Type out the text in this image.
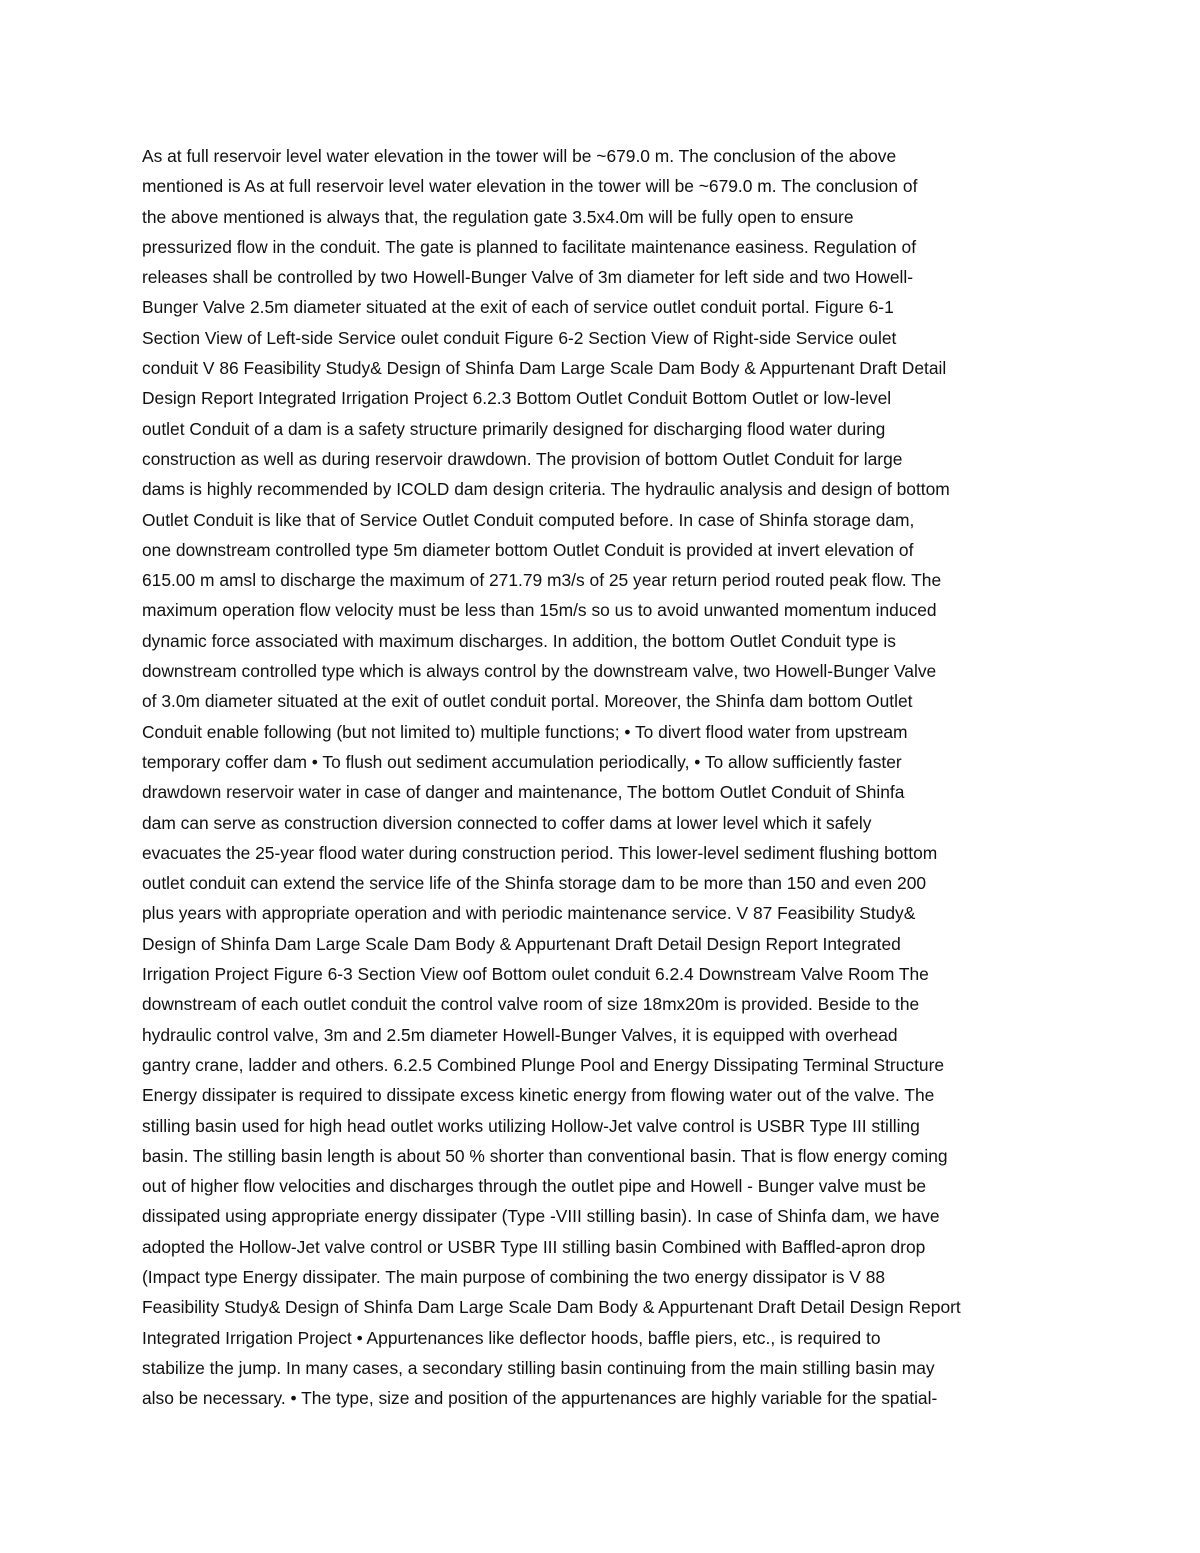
As at full reservoir level water elevation in the tower will be ~679.0 m. The conclusion of the above
mentioned is As at full reservoir level water elevation in the tower will be ~679.0 m. The conclusion of
the above mentioned is always that, the regulation gate 3.5x4.0m will be fully open to ensure
pressurized flow in the conduit. The gate is planned to facilitate maintenance easiness. Regulation of
releases shall be controlled by two Howell-Bunger Valve of 3m diameter for left side and two Howell-
Bunger Valve 2.5m diameter situated at the exit of each of service outlet conduit portal. Figure 6-1
Section View of Left-side Service oulet conduit Figure 6-2 Section View of Right-side Service oulet
conduit V 86 Feasibility Study& Design of Shinfa Dam Large Scale Dam Body & Appurtenant Draft Detail
Design Report Integrated Irrigation Project 6.2.3 Bottom Outlet Conduit Bottom Outlet or low-level
outlet Conduit of a dam is a safety structure primarily designed for discharging flood water during
construction as well as during reservoir drawdown. The provision of bottom Outlet Conduit for large
dams is highly recommended by ICOLD dam design criteria. The hydraulic analysis and design of bottom
Outlet Conduit is like that of Service Outlet Conduit computed before. In case of Shinfa storage dam,
one downstream controlled type 5m diameter bottom Outlet Conduit is provided at invert elevation of
615.00 m amsl to discharge the maximum of 271.79 m3/s of 25 year return period routed peak flow. The
maximum operation flow velocity must be less than 15m/s so us to avoid unwanted momentum induced
dynamic force associated with maximum discharges. In addition, the bottom Outlet Conduit type is
downstream controlled type which is always control by the downstream valve, two Howell-Bunger Valve
of 3.0m diameter situated at the exit of outlet conduit portal. Moreover, the Shinfa dam bottom Outlet
Conduit enable following (but not limited to) multiple functions; • To divert flood water from upstream
temporary coffer dam • To flush out sediment accumulation periodically, • To allow sufficiently faster
drawdown reservoir water in case of danger and maintenance, The bottom Outlet Conduit of Shinfa
dam can serve as construction diversion connected to coffer dams at lower level which it safely
evacuates the 25-year flood water during construction period. This lower-level sediment flushing bottom
outlet conduit can extend the service life of the Shinfa storage dam to be more than 150 and even 200
plus years with appropriate operation and with periodic maintenance service. V 87 Feasibility Study&
Design of Shinfa Dam Large Scale Dam Body & Appurtenant Draft Detail Design Report Integrated
Irrigation Project Figure 6-3 Section View oof Bottom oulet conduit 6.2.4 Downstream Valve Room The
downstream of each outlet conduit the control valve room of size 18mx20m is provided. Beside to the
hydraulic control valve, 3m and 2.5m diameter Howell-Bunger Valves, it is equipped with overhead
gantry crane, ladder and others. 6.2.5 Combined Plunge Pool and Energy Dissipating Terminal Structure
Energy dissipater is required to dissipate excess kinetic energy from flowing water out of the valve. The
stilling basin used for high head outlet works utilizing Hollow-Jet valve control is USBR Type III stilling
basin. The stilling basin length is about 50 % shorter than conventional basin. That is flow energy coming
out of higher flow velocities and discharges through the outlet pipe and Howell - Bunger valve must be
dissipated using appropriate energy dissipater (Type -VIII stilling basin). In case of Shinfa dam, we have
adopted the Hollow-Jet valve control or USBR Type III stilling basin Combined with Baffled-apron drop
(Impact type Energy dissipater. The main purpose of combining the two energy dissipator is V 88
Feasibility Study& Design of Shinfa Dam Large Scale Dam Body & Appurtenant Draft Detail Design Report
Integrated Irrigation Project • Appurtenances like deflector hoods, baffle piers, etc., is required to
stabilize the jump. In many cases, a secondary stilling basin continuing from the main stilling basin may
also be necessary. • The type, size and position of the appurtenances are highly variable for the spatial-
